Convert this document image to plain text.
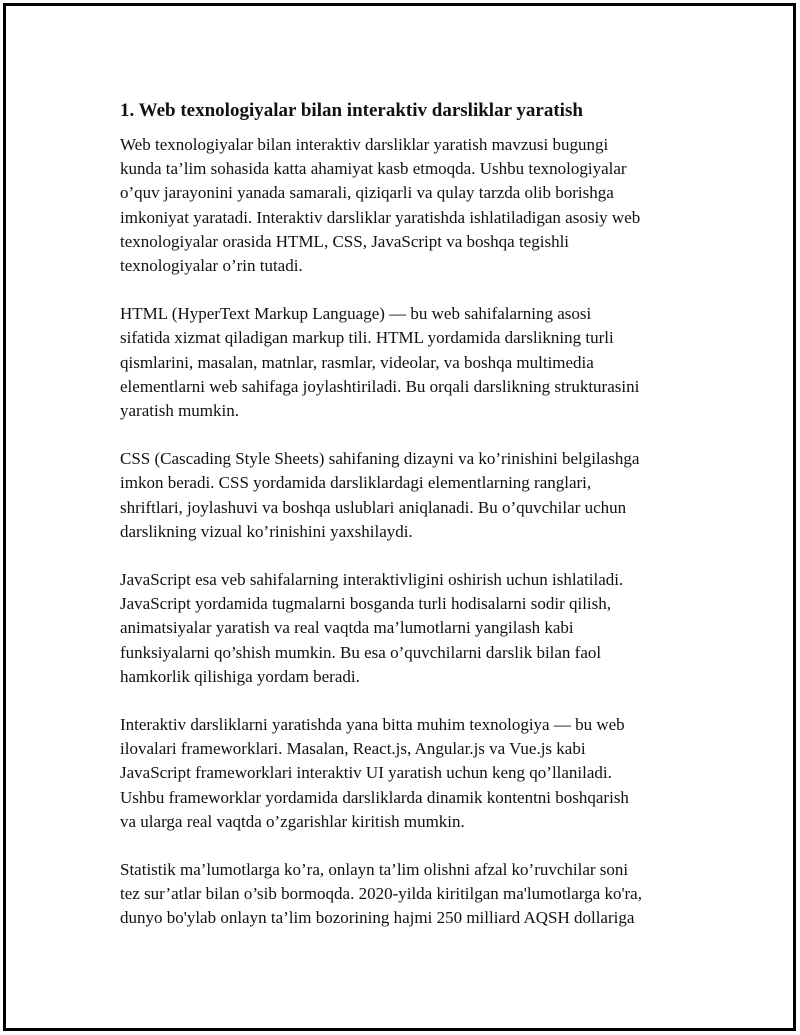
1. Web texnologiyalar bilan interaktiv darsliklar yaratish

Web texnologiyalar bilan interaktiv darsliklar yaratish mavzusi bugungi
kunda ta’lim sohasida katta ahamiyat kasb etmoqda. Ushbu texnologiyalar
o’quv jarayonini yanada samarali, qiziqarli va qulay tarzda olib borishga
imkoniyat yaratadi. Interaktiv darsliklar yaratishda ishlatiladigan asosiy web
texnologiyalar orasida HTML, CSS, JavaScript va boshqa tegishli
texnologiyalar o’rin tutadi.

HTML (HyperText Markup Language) — bu web sahifalarning asosi
sifatida xizmat qiladigan markup tili. HTML yordamida darslikning turli
qismlarini, masalan, matnlar, rasmlar, videolar, va boshqa multimedia
elementlarni web sahifaga joylashtiriladi. Bu orqali darslikning strukturasini
yaratish mumkin.

CSS (Cascading Style Sheets) sahifaning dizayni va ko’rinishini belgilashga
imkon beradi. CSS yordamida darsliklardagi elementlarning ranglari,
shriftlari, joylashuvi va boshqa uslublari aniqlanadi. Bu o’quvchilar uchun
darslikning vizual ko’rinishini yaxshilaydi.

JavaScript esa veb sahifalarning interaktivligini oshirish uchun ishlatiladi.
JavaScript yordamida tugmalarni bosganda turli hodisalarni sodir qilish,
animatsiyalar yaratish va real vaqtda ma’lumotlarni yangilash kabi
funksiyalarni qo’shish mumkin. Bu esa o’quvchilarni darslik bilan faol
hamkorlik qilishiga yordam beradi.

Interaktiv darsliklarni yaratishda yana bitta muhim texnologiya — bu web
ilovalari frameworklari. Masalan, React.js, Angular.js va Vue.js kabi
JavaScript frameworklari interaktiv UI yaratish uchun keng qo’llaniladi.
Ushbu frameworklar yordamida darsliklarda dinamik kontentni boshqarish
va ularga real vaqtda o’zgarishlar kiritish mumkin.

Statistik ma’lumotlarga ko’ra, onlayn ta’lim olishni afzal ko’ruvchilar soni
tez sur’atlar bilan o’sib bormoqda. 2020-yilda kiritilgan ma'lumotlarga ko'ra,
dunyo bo'ylab onlayn ta’lim bozorining hajmi 250 milliard AQSH dollariga
